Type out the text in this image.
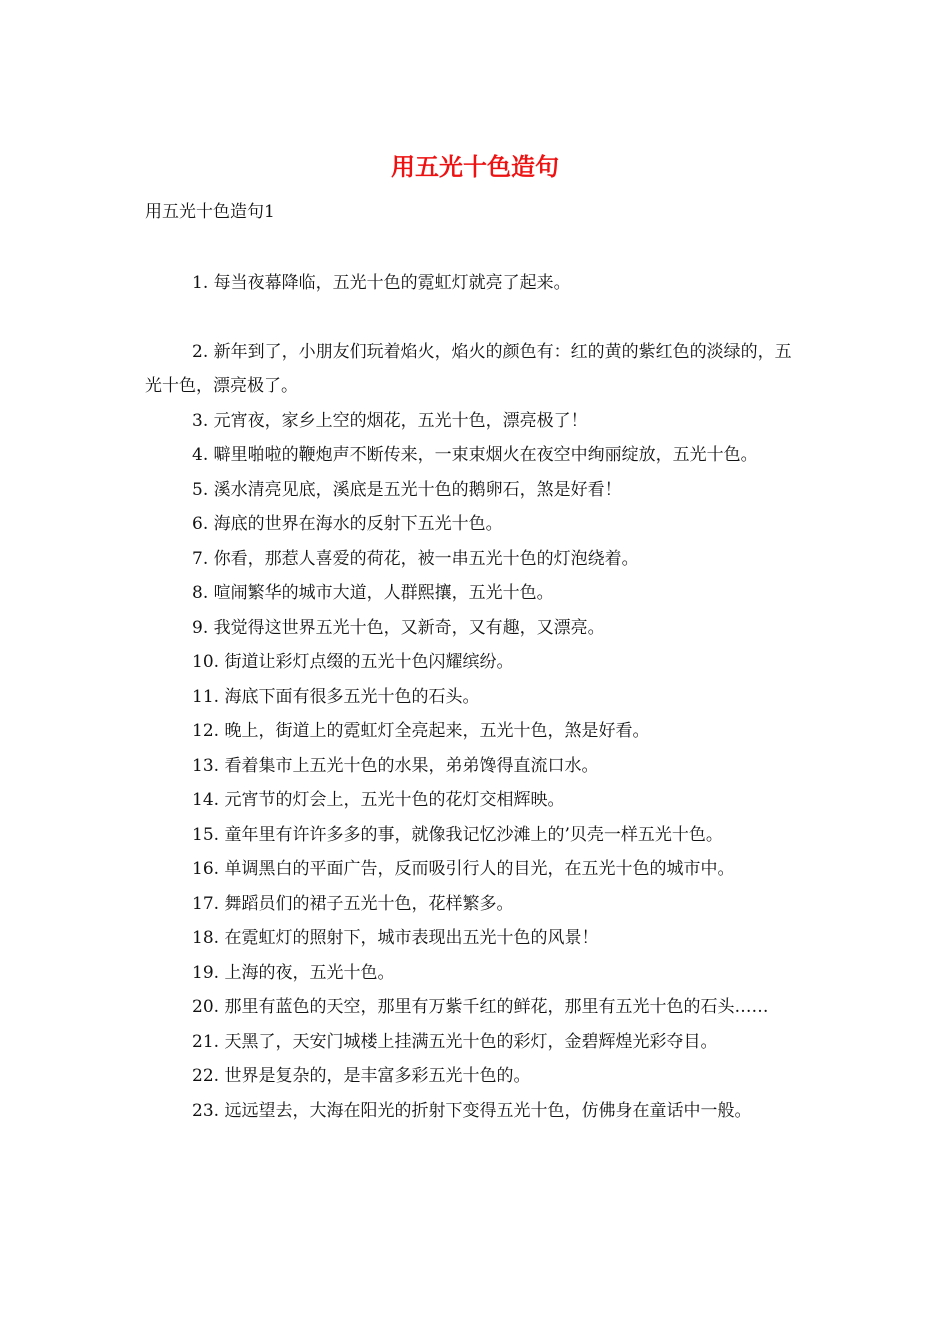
用五光十色造句
用五光十色造句1

1. 每当夜幕降临，五光十色的霓虹灯就亮了起来。

2. 新年到了，小朋友们玩着焰火，焰火的颜色有：红的黄的紫红色的淡绿的，五光十色，漂亮极了。

3. 元宵夜，家乡上空的烟花，五光十色，漂亮极了！

4. 噼里啪啦的鞭炮声不断传来，一束束烟火在夜空中绚丽绽放，五光十色。

5. 溪水清亮见底，溪底是五光十色的鹅卵石，煞是好看！

6. 海底的世界在海水的反射下五光十色。

7. 你看，那惹人喜爱的荷花，被一串五光十色的灯泡绕着。

8. 喧闹繁华的城市大道，人群熙攘，五光十色。

9. 我觉得这世界五光十色，又新奇，又有趣，又漂亮。

10. 街道让彩灯点缀的五光十色闪耀缤纷。

11. 海底下面有很多五光十色的石头。

12. 晚上，街道上的霓虹灯全亮起来，五光十色，煞是好看。

13. 看着集市上五光十色的水果，弟弟馋得直流口水。

14. 元宵节的灯会上，五光十色的花灯交相辉映。

15. 童年里有许许多多的事，就像我记忆沙滩上的’贝壳一样五光十色。

16. 单调黑白的平面广告，反而吸引行人的目光，在五光十色的城市中。

17. 舞蹈员们的裙子五光十色，花样繁多。

18. 在霓虹灯的照射下，城市表现出五光十色的风景！

19. 上海的夜，五光十色。

20. 那里有蓝色的天空，那里有万紫千红的鲜花，那里有五光十色的石头……

21. 天黑了，天安门城楼上挂满五光十色的彩灯，金碧辉煌光彩夺目。

22. 世界是复杂的，是丰富多彩五光十色的。

23. 远远望去，大海在阳光的折射下变得五光十色，仿佛身在童话中一般。
